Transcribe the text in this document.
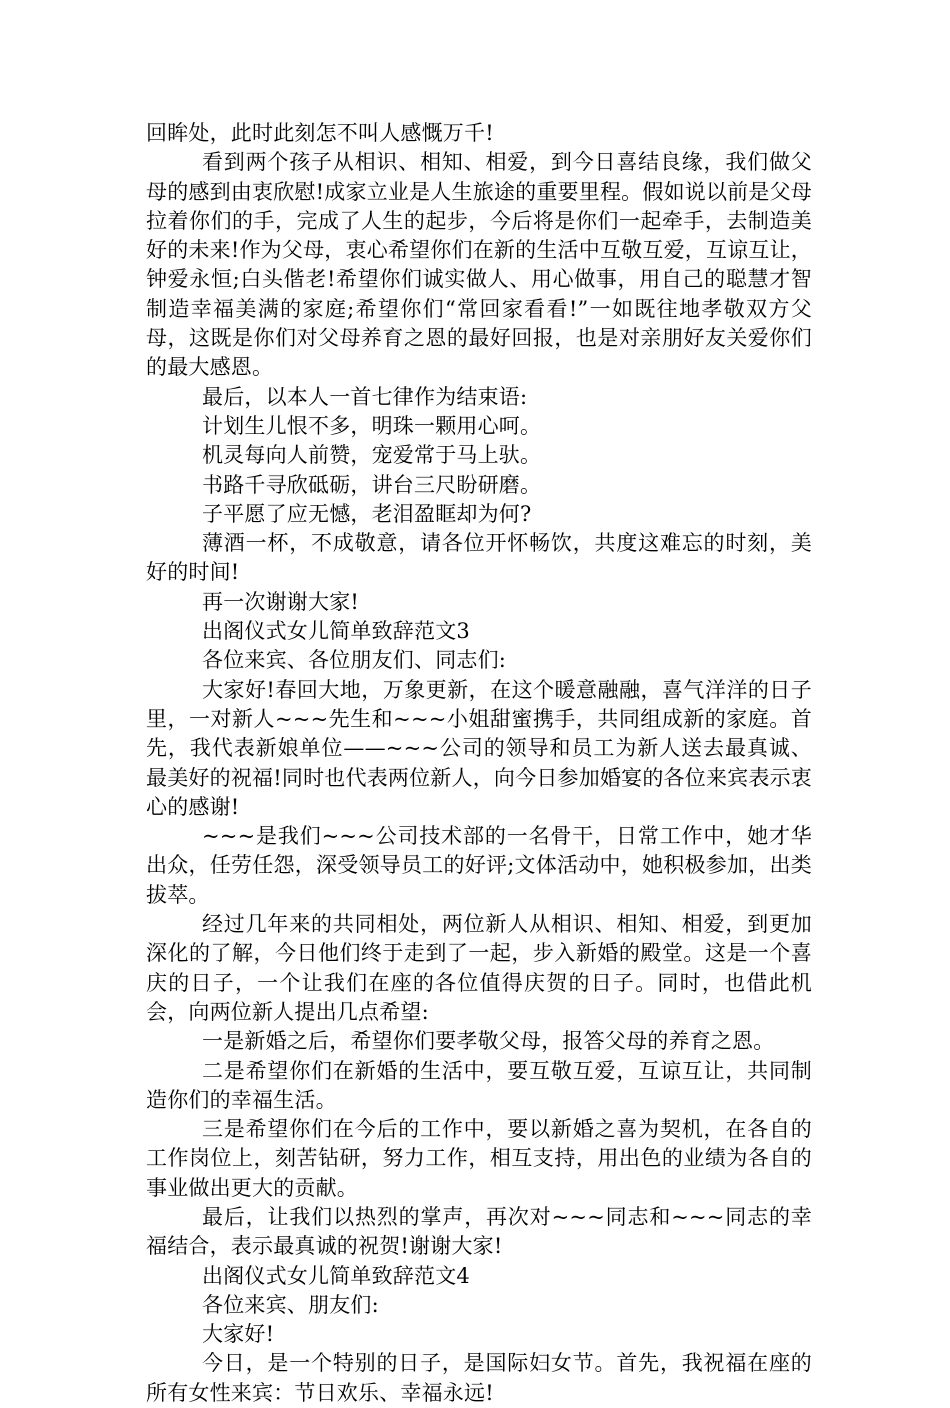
回眸处，此时此刻怎不叫人感慨万千!

看到两个孩子从相识、相知、相爱，到今日喜结良缘，我们做父母的感到由衷欣慰!成家立业是人生旅途的重要里程。假如说以前是父母拉着你们的手，完成了人生的起步，今后将是你们一起牵手，去制造美好的未来!作为父母，衷心希望你们在新的生活中互敬互爱，互谅互让，钟爱永恒;白头偕老!希望你们诚实做人、用心做事，用自己的聪慧才智制造幸福美满的家庭;希望你们“常回家看看!”一如既往地孝敬双方父母，这既是你们对父母养育之恩的最好回报，也是对亲朋好友关爱你们的最大感恩。

最后，以本人一首七律作为结束语:

计划生儿恨不多，明珠一颗用心呵。

机灵每向人前赞，宠爱常于马上驮。

书路千寻欣砥砺，讲台三尺盼研磨。

子平愿了应无憾，老泪盈眶却为何?

薄酒一杯，不成敬意，请各位开怀畅饮，共度这难忘的时刻，美好的时间!

再一次谢谢大家!

出阁仪式女儿简单致辞范文3

各位来宾、各位朋友们、同志们:

大家好!春回大地，万象更新，在这个暖意融融，喜气洋洋的日子里，一对新人~~~先生和~~~小姐甜蜜携手，共同组成新的家庭。首先，我代表新娘单位——~~~公司的领导和员工为新人送去最真诚、最美好的祝福!同时也代表两位新人，向今日参加婚宴的各位来宾表示衷心的感谢!

~~~是我们~~~公司技术部的一名骨干，日常工作中，她才华出众，任劳任怨，深受领导员工的好评;文体活动中，她积极参加，出类拔萃。

经过几年来的共同相处，两位新人从相识、相知、相爱，到更加深化的了解，今日他们终于走到了一起，步入新婚的殿堂。这是一个喜庆的日子，一个让我们在座的各位值得庆贺的日子。同时，也借此机会，向两位新人提出几点希望:

一是新婚之后，希望你们要孝敬父母，报答父母的养育之恩。

二是希望你们在新婚的生活中，要互敬互爱，互谅互让，共同制造你们的幸福生活。

三是希望你们在今后的工作中，要以新婚之喜为契机，在各自的工作岗位上，刻苦钻研，努力工作，相互支持，用出色的业绩为各自的事业做出更大的贡献。

最后，让我们以热烈的掌声，再次对~~~同志和~~~同志的幸福结合，表示最真诚的祝贺!谢谢大家!

出阁仪式女儿简单致辞范文4

各位来宾、朋友们:

大家好!

今日，是一个特别的日子，是国际妇女节。首先，我祝福在座的所有女性来宾：节日欢乐、幸福永远!
